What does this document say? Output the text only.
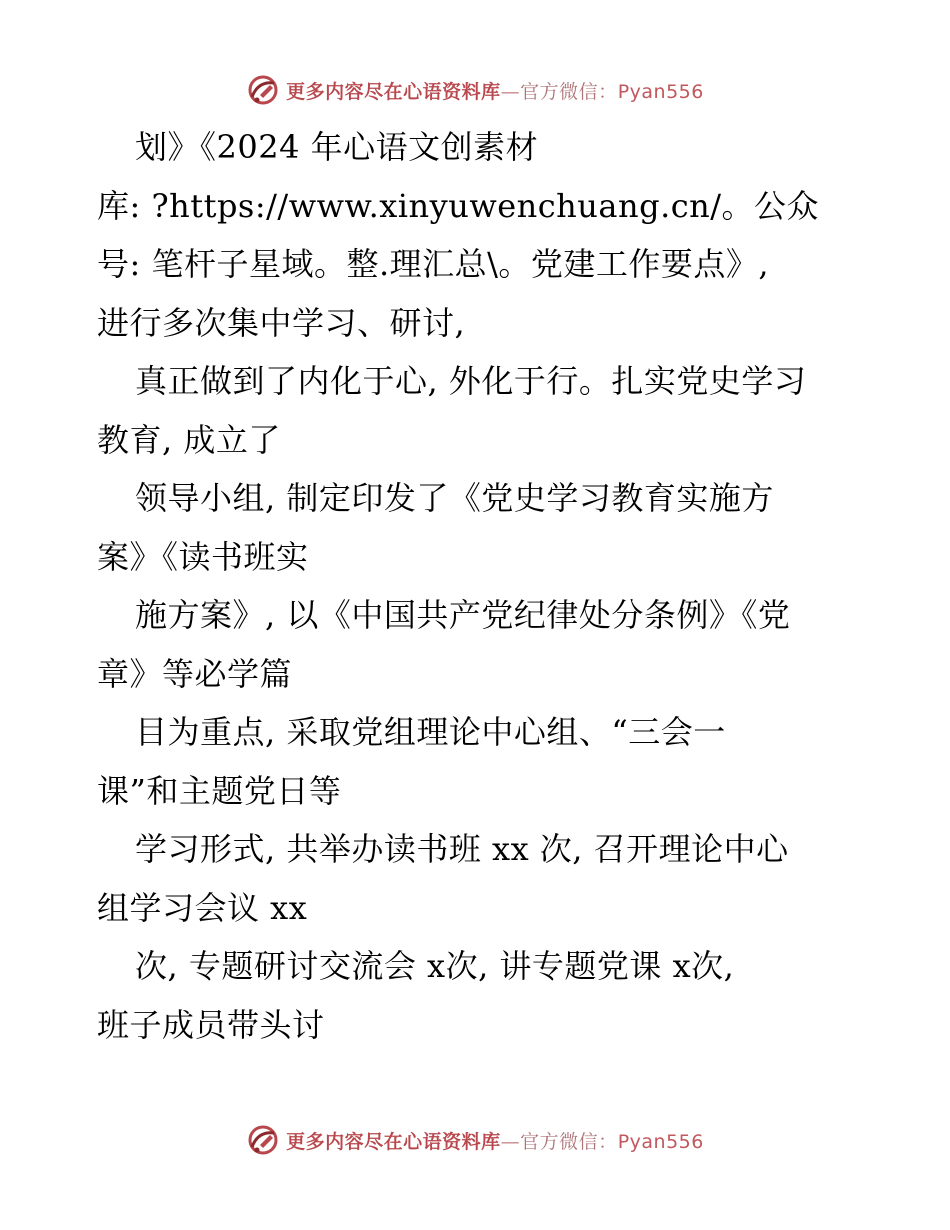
更多内容尽在心语资料库—官方微信：Pyan556
划》《2024 年心语文创素材
库: ?https://www.xinyuwenchuang.cn/。公众
号: 笔杆子星域。整.理汇总\。党建工作要点》,
进行多次集中学习、研讨,
真正做到了内化于心, 外化于行。扎实党史学习
教育, 成立了
领导小组, 制定印发了《党史学习教育实施方
案》《读书班实
施方案》, 以《中国共产党纪律处分条例》《党
章》等必学篇
目为重点, 采取党组理论中心组、“三会一
课”和主题党日等
学习形式, 共举办读书班 xx 次, 召开理论中心
组学习会议 xx
次, 专题研讨交流会 x次, 讲专题党课 x次,
班子成员带头讨
更多内容尽在心语资料库—官方微信：Pyan556
